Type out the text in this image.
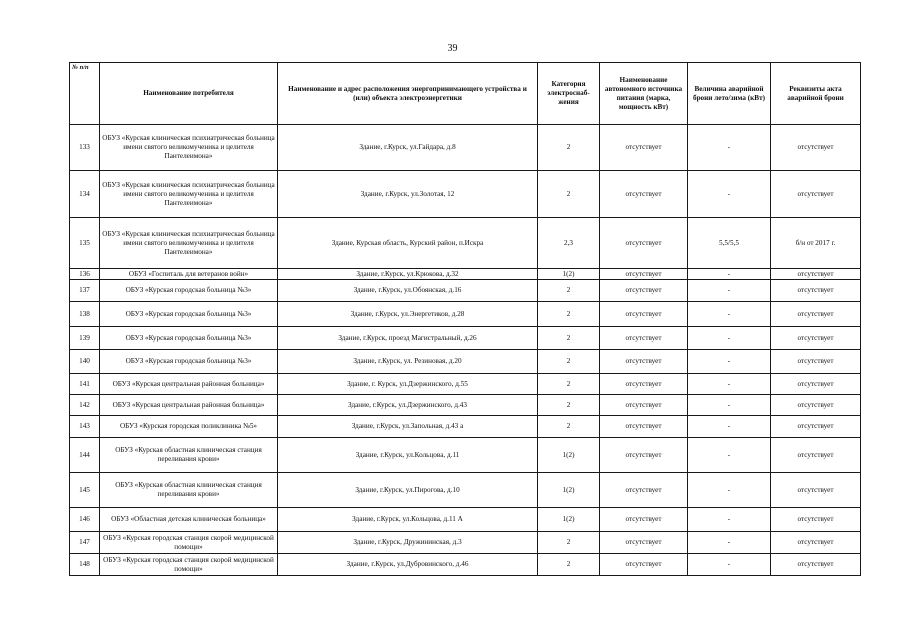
39
№ п/п	Наименование потребителя	Наименование и адрес расположения энергопринимающего устройства и (или) объекта электроэнергетики	Категория электроснаб-жения	Наименование автономного источника питания (марка, мощность кВт)	Величина аварийной брони лето/зима (кВт)	Реквизиты акта аварийной брони
133	ОБУЗ «Курская клиническая психиатрическая больница имени святого великомученика и целителя Пантелеимона»	Здание, г.Курск, ул.Гайдара, д.8	2	отсутствует	-	отсутствует
134	ОБУЗ «Курская клиническая психиатрическая больница имени святого великомученика и целителя Пантелеимона»	Здание, г.Курск, ул.Золотая, 12	2	отсутствует	-	отсутствует
135	ОБУЗ «Курская клиническая психиатрическая больница имени святого великомученика и целителя Пантелеимона»	Здание, Курская область, Курский район, п.Искра	2,3	отсутствует	5,5/5,5	б/н от 2017 г.
136	ОБУЗ «Госпиталь для ветеранов войн»	Здание, г.Курск, ул.Крюкова, д.32	1(2)	отсутствует	-	отсутствует
137	ОБУЗ «Курская городская больница №3»	Здание, г.Курск, ул.Обоянская, д.16	2	отсутствует	-	отсутствует
138	ОБУЗ «Курская городская больница №3»	Здание, г.Курск, ул.Энергетиков, д.28	2	отсутствует	-	отсутствует
139	ОБУЗ «Курская городская больница №3»	Здание, г.Курск, проезд Магистральный, д.26	2	отсутствует	-	отсутствует
140	ОБУЗ «Курская городская больница №3»	Здание, г.Курск, ул. Резиновая, д.20	2	отсутствует	-	отсутствует
141	ОБУЗ «Курская центральная районная больница»	Здание, г. Курск, ул.Дзержинского, д.55	2	отсутствует	-	отсутствует
142	ОБУЗ «Курская центральная районная больница»	Здание, г.Курск, ул.Дзержинского, д.43	2	отсутствует	-	отсутствует
143	ОБУЗ «Курская городская поликлиника №5»	Здание, г.Курск, ул.Запольная, д.43 а	2	отсутствует	-	отсутствует
144	ОБУЗ «Курская областная клиническая станция переливания крови»	Здание, г.Курск, ул.Кольцова, д.11	1(2)	отсутствует	-	отсутствует
145	ОБУЗ «Курская областная клиническая станция переливания крови»	Здание, г.Курск, ул.Пирогова, д.10	1(2)	отсутствует	-	отсутствует
146	ОБУЗ «Областная детская клиническая больница»	Здание, г.Курск, ул.Кольцова, д.11 А	1(2)	отсутствует	-	отсутствует
147	ОБУЗ «Курская городская станция скорой медицинской помощи»	Здание, г.Курск, Дружининская, д.3	2	отсутствует	-	отсутствует
148	ОБУЗ «Курская городская станция скорой медицинской помощи»	Здание, г.Курск, ул.Дубровинского, д.46	2	отсутствует	-	отсутствует
